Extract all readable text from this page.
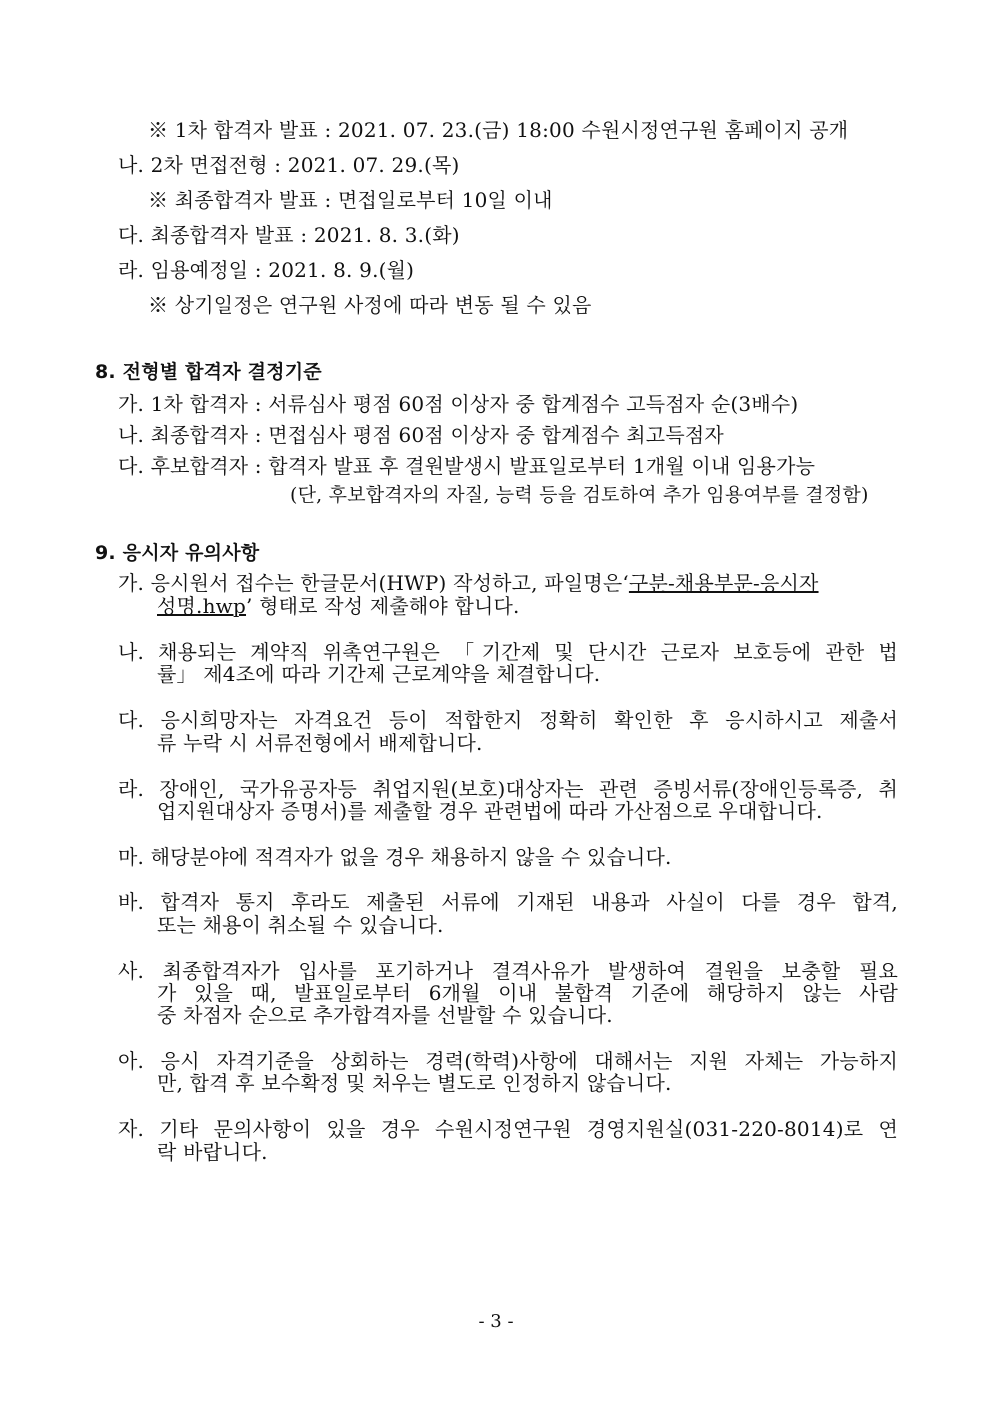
※ 1차 합격자 발표 : 2021. 07. 23.(금) 18:00 수원시정연구원 홈페이지 공개
나. 2차 면접전형 : 2021. 07. 29.(목)
※ 최종합격자 발표 : 면접일로부터 10일 이내
다. 최종합격자 발표 : 2021. 8. 3.(화)
라. 임용예정일 : 2021. 8. 9.(월)
※ 상기일정은 연구원 사정에 따라 변동 될 수 있음
8. 전형별 합격자 결정기준
가. 1차 합격자 : 서류심사 평점 60점 이상자 중 합계점수 고득점자 순(3배수)
나. 최종합격자 : 면접심사 평점 60점 이상자 중 합계점수 최고득점자
다. 후보합격자 : 합격자 발표 후 결원발생시 발표일로부터 1개월 이내 임용가능
(단, 후보합격자의 자질, 능력 등을 검토하여 추가 임용여부를 결정함)
9. 응시자 유의사항
가. 응시원서 접수는 한글문서(HWP) 작성하고, 파일명은‘구분-채용부문-응시자
성명.hwp’ 형태로 작성 제출해야 합니다.
나. 채용되는 계약직 위촉연구원은 「기간제 및 단시간 근로자 보호등에 관한 법
률」 제4조에 따라 기간제 근로계약을 체결합니다.
다. 응시희망자는 자격요건 등이 적합한지 정확히 확인한 후 응시하시고 제출서
류 누락 시 서류전형에서 배제합니다.
라. 장애인, 국가유공자등 취업지원(보호)대상자는 관련 증빙서류(장애인등록증, 취
업지원대상자 증명서)를 제출할 경우 관련법에 따라 가산점으로 우대합니다.
마. 해당분야에 적격자가 없을 경우 채용하지 않을 수 있습니다.
바. 합격자 통지 후라도 제출된 서류에 기재된 내용과 사실이 다를 경우 합격,
또는 채용이 취소될 수 있습니다.
사. 최종합격자가 입사를 포기하거나 결격사유가 발생하여 결원을 보충할 필요
가 있을 때, 발표일로부터 6개월 이내 불합격 기준에 해당하지 않는 사람
중 차점자 순으로 추가합격자를 선발할 수 있습니다.
아. 응시 자격기준을 상회하는 경력(학력)사항에 대해서는 지원 자체는 가능하지
만, 합격 후 보수확정 및 처우는 별도로 인정하지 않습니다.
자. 기타 문의사항이 있을 경우 수원시정연구원 경영지원실(031-220-8014)로 연
락 바랍니다.
- 3 -
